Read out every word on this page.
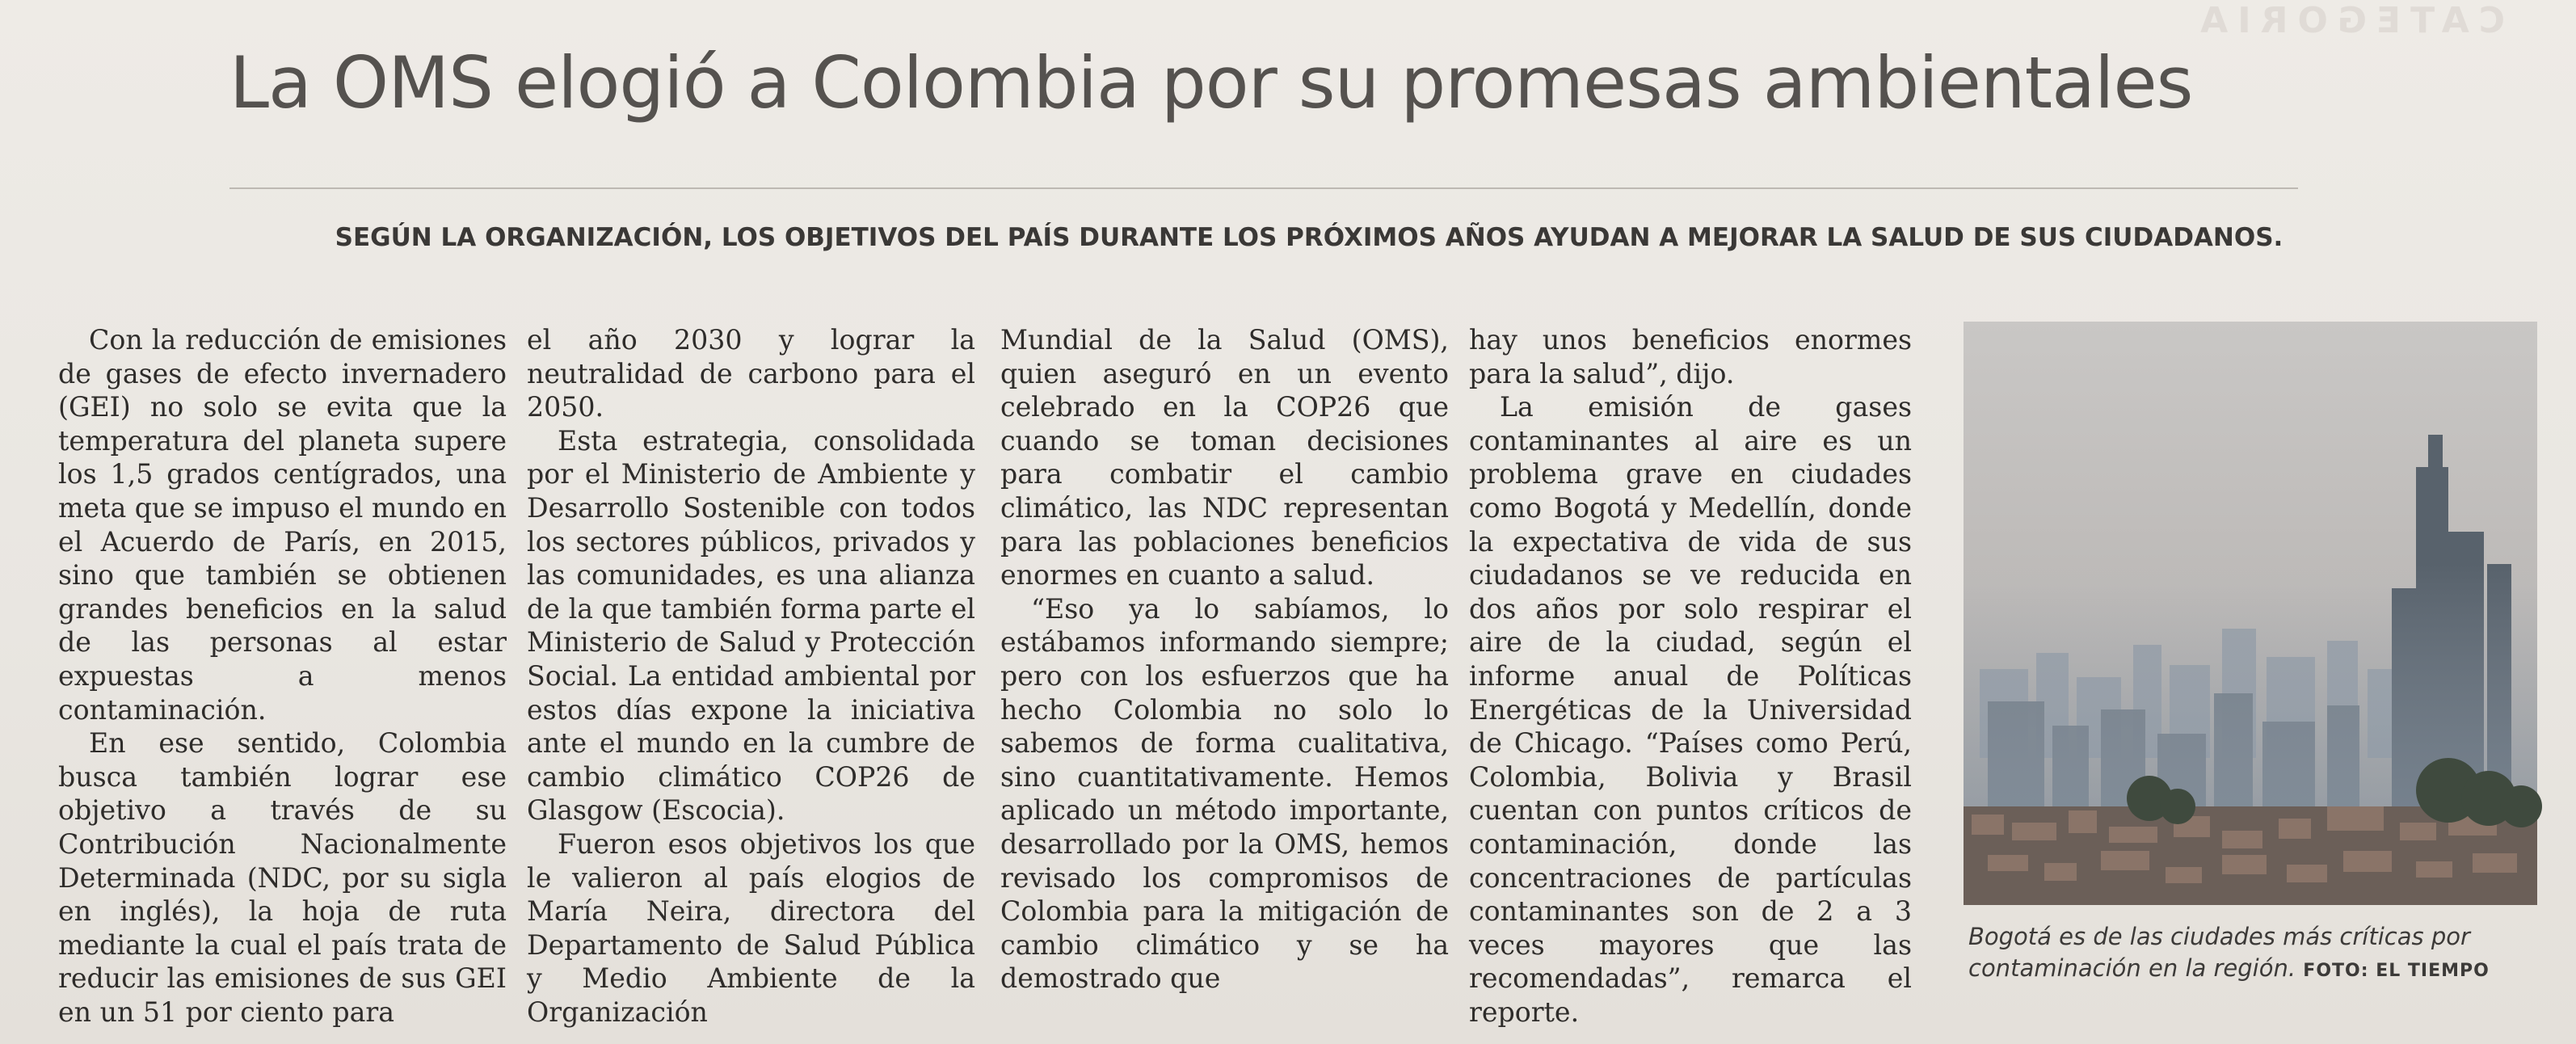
CATEGORIA
La OMS elogió a Colombia por su promesas ambientales
SEGÚN LA ORGANIZACIÓN, LOS OBJETIVOS DEL PAÍS DURANTE LOS PRÓXIMOS AÑOS AYUDAN A MEJORAR LA SALUD DE SUS CIUDADANOS.

Con la reducción de emisiones de gases de efecto invernadero (GEI) no solo se evita que la temperatura del planeta supere los 1,5 grados centígrados, una meta que se impuso el mundo en el Acuerdo de París, en 2015, sino que también se obtienen grandes beneficios en la salud de las personas al estar expuestas a menos contaminación.

En ese sentido, Colombia busca también lograr ese objetivo a través de su Contribución Nacionalmente Determinada (NDC, por su sigla en inglés), la hoja de ruta mediante la cual el país trata de reducir las emisiones de sus GEI en un 51 por ciento para

el año 2030 y lograr la neutralidad de carbono para el 2050.

Esta estrategia, consolidada por el Ministerio de Ambiente y Desarrollo Sostenible con todos los sectores públicos, privados y las comunidades, es una alianza de la que también forma parte el Ministerio de Salud y Protección Social. La entidad ambiental por estos días expone la iniciativa ante el mundo en la cumbre de cambio climático COP26 de Glasgow (Escocia).

Fueron esos objetivos los que le valieron al país elogios de María Neira, directora del Departamento de Salud Pública y Medio Ambiente de la Organización

Mundial de la Salud (OMS), quien aseguró en un evento celebrado en la COP26 que cuando se toman decisiones para combatir el cambio climático, las NDC representan para las poblaciones beneficios enormes en cuanto a salud.

“Eso ya lo sabíamos, lo estábamos informando siempre; pero con los esfuerzos que ha hecho Colombia no solo lo sabemos de forma cualitativa, sino cuantitativamente. Hemos aplicado un método importante, desarrollado por la OMS, hemos revisado los compromisos de Colombia para la mitigación de cambio climático y se ha demostrado que

hay unos beneficios enormes para la salud”, dijo.

La emisión de gases contaminantes al aire es un problema grave en ciudades como Bogotá y Medellín, donde la expectativa de vida de sus ciudadanos se ve reducida en dos años por solo respirar el aire de la ciudad, según el informe anual de Políticas Energéticas de la Universidad de Chicago. “Países como Perú, Colombia, Bolivia y Brasil cuentan con puntos críticos de contaminación, donde las concentraciones de partículas contaminantes son de 2 a 3 veces mayores que las recomendadas”, remarca el reporte.

Bogotá es de las ciudades más críticas por contaminación en la región. FOTO: EL TIEMPO
